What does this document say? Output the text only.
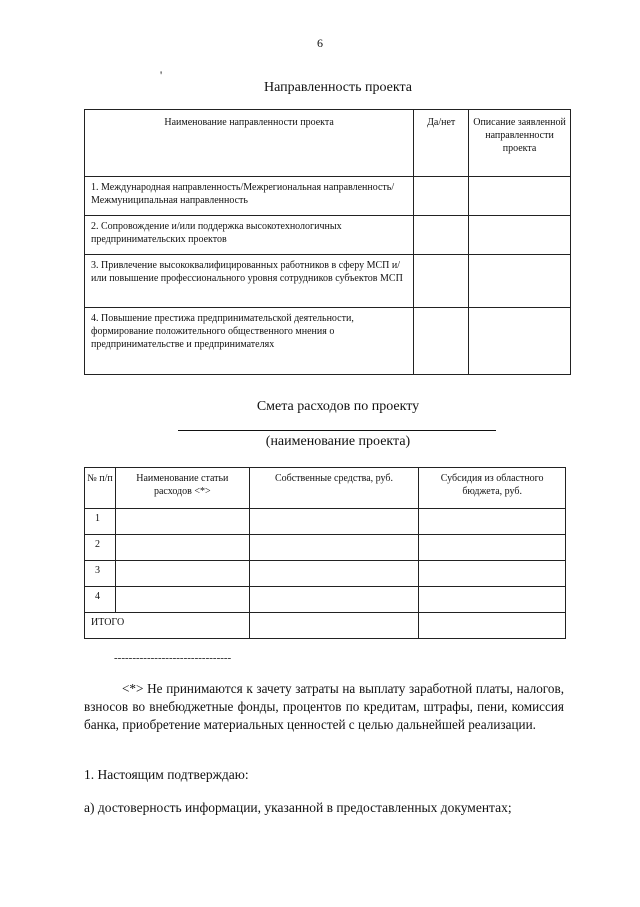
6
'
Направленность проекта
Наименование направленности проекта	Да/нет	Описание заявленной направленности проекта
1. Международная направленность/Межрегиональная направленность/Межмуниципальная направленность		
2. Сопровождение и/или поддержка высокотехнологичных предпринимательских проектов		
3. Привлечение высококвалифицированных работников в сферу МСП и/или повышение профессионального уровня сотрудников субъектов МСП		
4. Повышение престижа предпринимательской деятельности, формирование положительного общественного мнения о предпринимательстве и предпринимателях		
Смета расходов по проекту
(наименование проекта)
№ п/п	Наименование статьи расходов <*>	Собственные средства, руб.	Субсидия из областного бюджета, руб.
1			
2			
3			
4			
ИТОГО			
--------------------------------

<*> Не принимаются к зачету затраты на выплату заработной платы, налогов, взносов во внебюджетные фонды, процентов по кредитам, штрафы, пени, комиссия банка, приобретение материальных ценностей с целью дальнейшей реализации.

1. Настоящим подтверждаю:
а) достоверность информации, указанной в предоставленных документах;
